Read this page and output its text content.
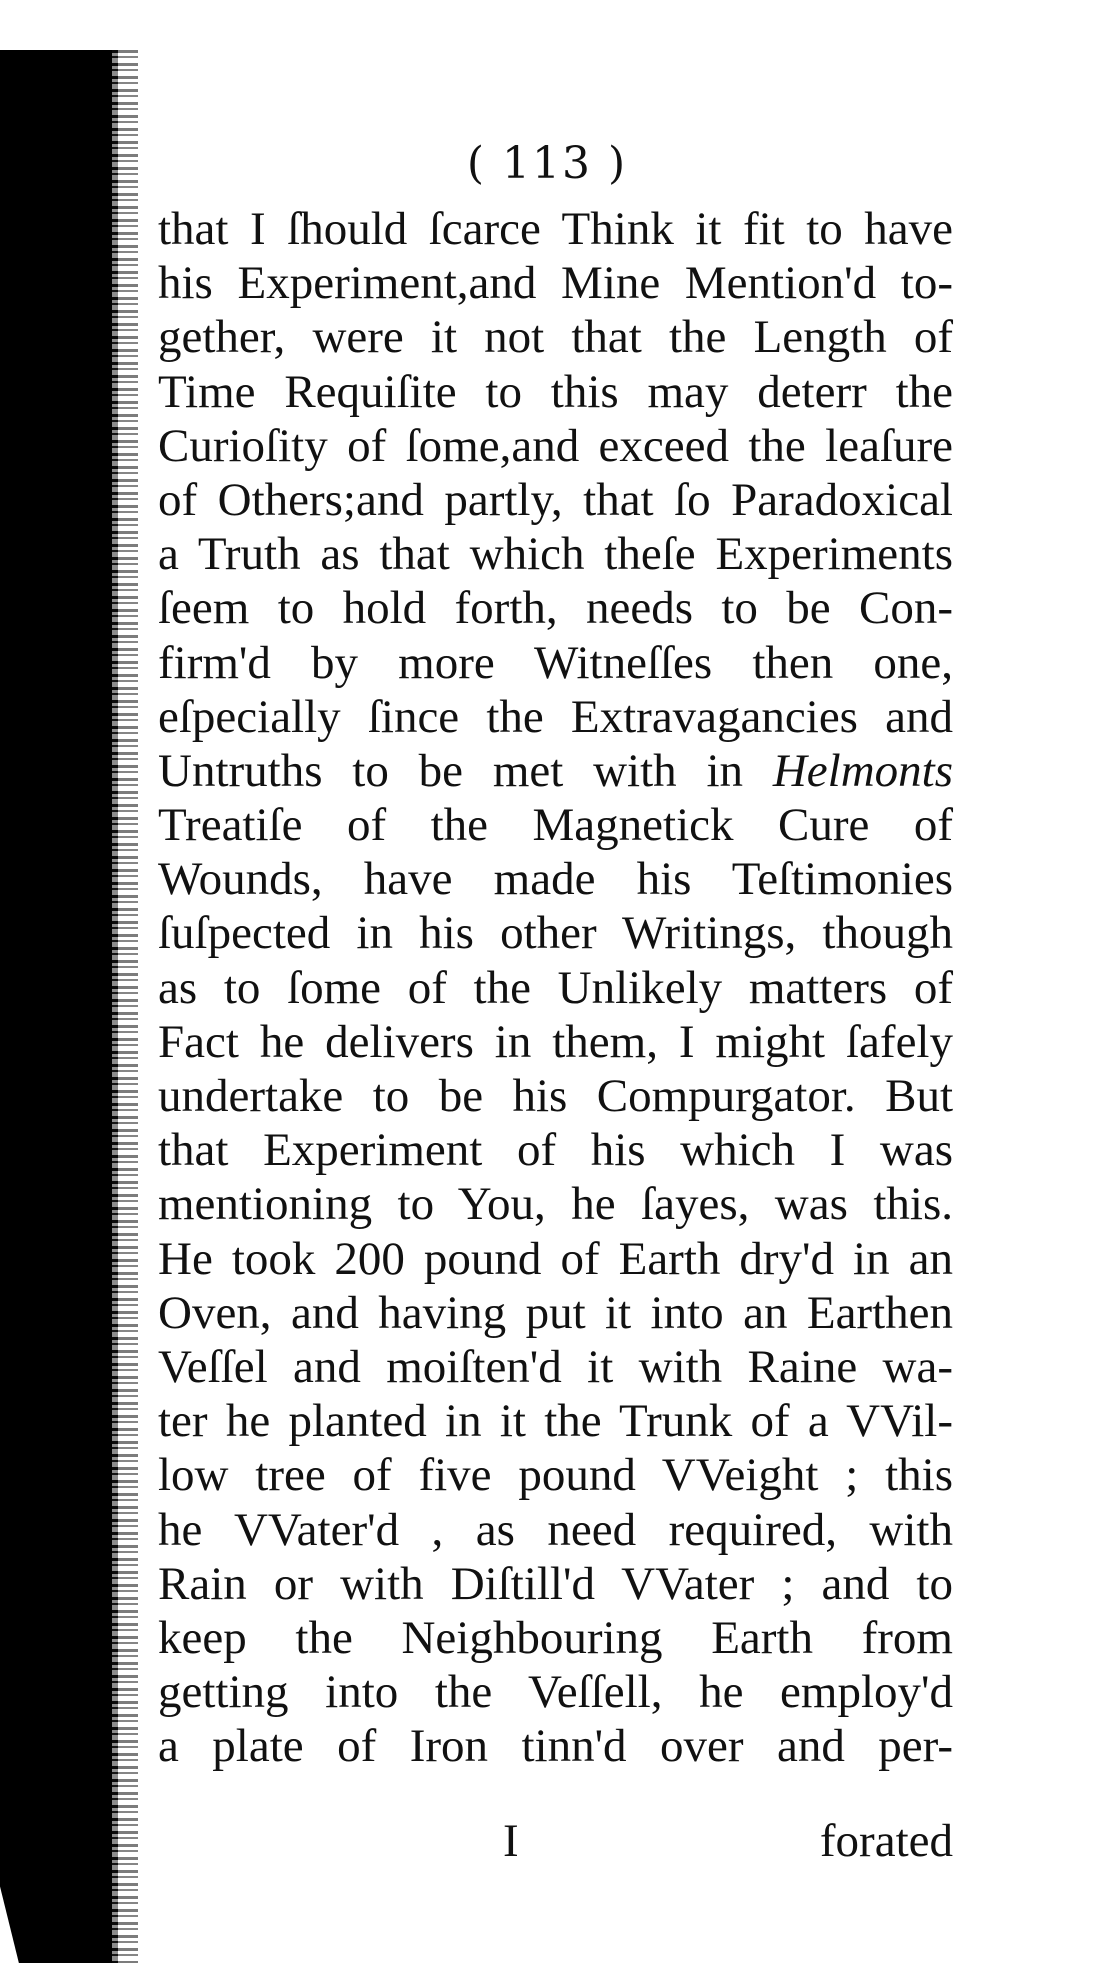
( 113 )
that I ſhould ſcarce Think it fit to have
his Experiment,and Mine Mention'd to-
gether, were it not that the Length of
Time Requiſite to this may deterr the
Curioſity of ſome,and exceed the leaſure
of Others;and partly, that ſo Paradoxical
a Truth as that which theſe Experiments
ſeem to hold forth, needs to be Con-
firm'd by more Witneſſes then one,
eſpecially ſince the Extravagancies and
Untruths to be met with in Helmonts
Treatiſe of the Magnetick Cure of
Wounds, have made his Teſtimonies
ſuſpected in his other Writings, though
as to ſome of the Unlikely matters of
Fact he delivers in them, I might ſafely
undertake to be his Compurgator. But
that Experiment of his which I was
mentioning to You, he ſayes, was this.
He took 200 pound of Earth dry'd in an
Oven, and having put it into an Earthen
Veſſel and moiſten'd it with Raine wa-
ter he planted in it the Trunk of a VVil-
low tree of five pound VVeight ; this
he VVater'd , as need required, with
Rain or with Diſtill'd VVater ; and to
keep the Neighbouring Earth from
getting into the Veſſell, he employ'd
a plate of Iron tinn'd over and per-
I	forated
